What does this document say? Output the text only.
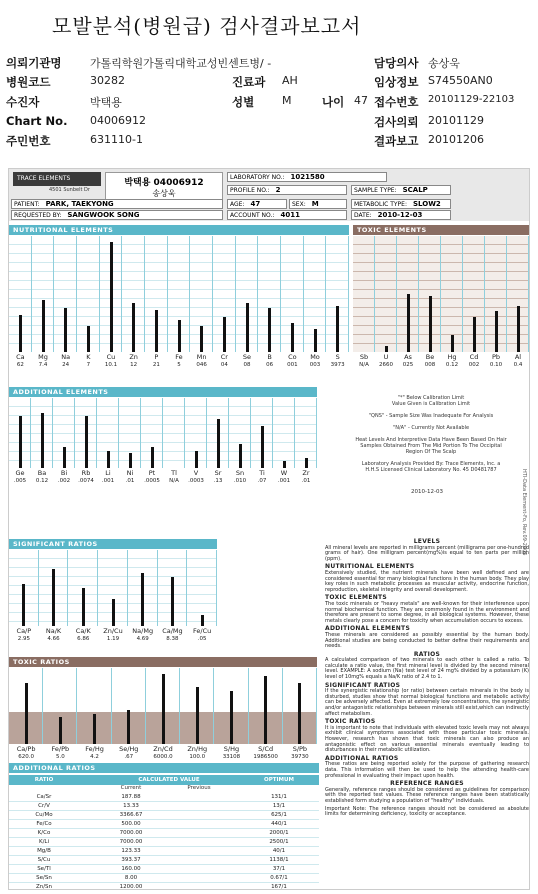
모발분석(병원급) 검사결과보고서
의뢰기관명	가톨릭학원가톨릭대학교성빈센트병/ -	담당의사 송상욱
병원코드	30282	진료과 AH	임상정보 S74550AN0
수진자	박택용	성별	M	나이 47 접수번호 20101129-22103
Chart No. 04006912	검사의뢰 20101129
주민번호	631110-1	결과보고 20101206
TRACE ELEMENTS
4501 Sunbelt Dr
박택용 04006912
송상욱
LABORATORY NO.: 1021580
PROFILE NO.: 2	SAMPLE TYPE: SCALP
PATIENT: PARK, TAEKYONG	AGE: 47	SEX: M	METABOLIC TYPE: SLOW2
REQUESTED BY: SANGWOOK SONG	ACCOUNT NO.: 4011	DATE: 2010-12-03
NUTRITIONAL ELEMENTS	TOXIC ELEMENTS
ADDITIONAL ELEMENTS
"*" Below Calibration Limit
Value Given is Calibration Limit
"QNS" - Sample Size Was Inadequate For Analysis
"N/A" - Currently Not Available
Heat Levels And Interpretive Data Have Been Based On Hair Samples Obtained From The Mid Portion To The Occipital Region Of The Scalp
Laboratory Analysis Provided By: Trace Elements, Inc. a H.H.S Licensed Clinical Laboratory No. 45 D0481787
2010-12-03
SIGNIFICANT RATIOS
TOXIC RATIOS
ADDITIONAL RATIOS
RATIO	CALCULATED VALUE	OPTIMUM
Current	Previous
Ca/Sr	187.88	131/1
Cr/V	13.33	13/1
Cu/Mo	3366.67	625/1
Fe/Co	500.00	440/1
K/Co	7000.00	2000/1
K/Li	7000.00	2500/1
Mg/B	123.33	40/1
S/Cu	393.37	1138/1
Se/Tl	160.00	37/1
Se/Sn	8.00	0.67/1
Zn/Sn	1200.00	167/1
LEVELS

All mineral levels are reported in milligrams percent (milligrams per one-hundred grams of hair). One milligram percent(mg%)is equal to ten parts per million (ppm).

NUTRITIONAL ELEMENTS

Extensively studied, the nutrient minerals have been well defined and are considered essential for many biological functions in the human body. They play key roles in such metabolic processes as muscular activity, endocrine function, reproduction, skeletal integrity and overall development.

TOXIC ELEMENTS

The toxic minerals or "heavy metals" are well-known for their interference upon normal biochemical function. They are commonly found in the environment and therefore are present to some degree, in all biological systems. However, these metals clearly pose a concern for toxicity when accumulation occurs to excess.

ADDITIONAL ELEMENTS

These minerals are considered as possibly essential by the human body. Additional studies are being conducted to better define their requirements and needs.

RATIOS

A calculated comparison of two minerals to each other is called a ratio. To calculate a ratio value, the first mineral level is divided by the second mineral level. EXAMPLE: A sodium (Na) test level of 24 mg% divided by a potassium (K) level of 10mg% equals a Na/K ratio of 2.4 to 1.

SIGNIFICANT RATIOS

If the synergistic relationship (or ratio) between certain minerals in the body is disturbed, studies show that normal biological functions and metabolic activity can be adversely affected. Even at extremely low concentrations, the synergistic and/or antagonistic relationships between minerals still exist,which can indirectly affect metabolism.

TOXIC RATIOS

It is important to note that individuals with elevated toxic levels may not always exhibit clinical symptoms associated with those particular toxic minerals. However, research has shown that toxic minerals can also produce an antagonistic effect on various essential minerals eventually leading to disturbances in their metabolic utilization.

ADDITIONAL RATIOS

These ratios are being reported solely for the purpose of gathering research data. This information will then be used to help the attending health-care professional in evaluating their impact upon health.

REFERENCE RANGES

Generally, reference ranges should be considered as guidelines for comparison with the reported test values. These reference ranges have been statistically established form studying a population of "healthy" individuals.

Important Note: The reference ranges should not be considered as absolute limits for determining deficiency, toxicity or acceptance.

HTI-Data Element-Fo, Rev.09-2006
Ca
62
Mg
7.4
Na
24
K
7
Cu
10.1
Zn
12
P
21
Fe
5
Mn
046
Cr
04
Se
08
B
06
Co
001
Mo
003
S
3973
Sb
N/A
U
2660
As
025
Be
008
Hg
0.12
Cd
002
Pb
0.10
Al
0.4
Ge
.005
Ba
0.12
Bi
.002
Rb
.0074
Li
.001
Ni
.01
Pt
.0005
Tl
N/A
V
.0003
Sr
.13
Sn
.010
Ti
.07
W
.001
Zr
.01
Ca/P
2.95
Na/K
4.66
Ca/K
6.86
Zn/Cu
1.19
Na/Mg
4.69
Ca/Mg
8.38
Fe/Cu
.05
Ca/Pb
620.0
Fe/Pb
5.0
Fe/Hg
4.2
Se/Hg
.67
Zn/Cd
6000.0
Zn/Hg
100.0
S/Hg
33108
S/Cd
1986500
S/Pb
39730
